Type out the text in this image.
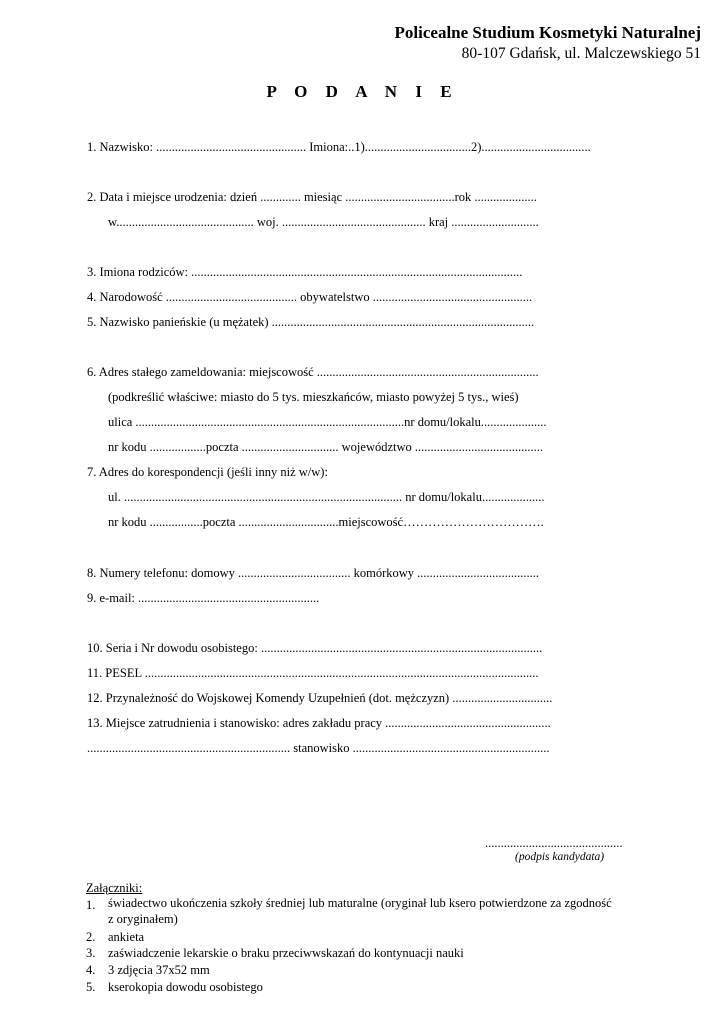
Policealne Studium Kosmetyki Naturalnej
80-107 Gdańsk, ul. Malczewskiego 51
P O D A N I E
1. Nazwisko: ................................................ Imiona:..1)..................................2)...................................
2. Data i miejsce urodzenia: dzień ............. miesiąc ...................................rok ....................
w............................................ woj. .............................................. kraj ............................
3. Imiona rodziców: ..........................................................................................................
4. Narodowość .......................................... obywatelstwo ...................................................
5. Nazwisko panieńskie (u mężatek) ....................................................................................
6. Adres stałego zameldowania: miejscowość .......................................................................
(podkreślić właściwe: miasto do 5 tys. mieszkańców, miasto powyżej 5 tys., wieś)
ulica ......................................................................................nr domu/lokalu.....................
nr kodu ..................poczta ............................... województwo .........................................
7. Adres do korespondencji (jeśli inny niż w/w):
ul. ......................................................................................... nr domu/lokalu....................
nr kodu .................poczta ................................miejscowość…………………………….
8. Numery telefonu: domowy .................................... komórkowy .......................................
9. e-mail: ..........................................................
10. Seria i Nr dowodu osobistego: ..........................................................................................
11. PESEL ..............................................................................................................................
12. Przynależność do Wojskowej Komendy Uzupełnień (dot. mężczyzn) ................................
13. Miejsce zatrudnienia i stanowisko: adres zakładu pracy .....................................................
................................................................. stanowisko ...............................................................
............................................
(podpis kandydata)
Załączniki:
1. świadectwo ukończenia szkoły średniej lub maturalne (oryginał lub ksero potwierdzone za zgodność
z oryginałem)
2. ankieta
3. zaświadczenie lekarskie o braku przeciwwskazań do kontynuacji nauki
4. 3 zdjęcia 37x52 mm
5. kserokopia dowodu osobistego
